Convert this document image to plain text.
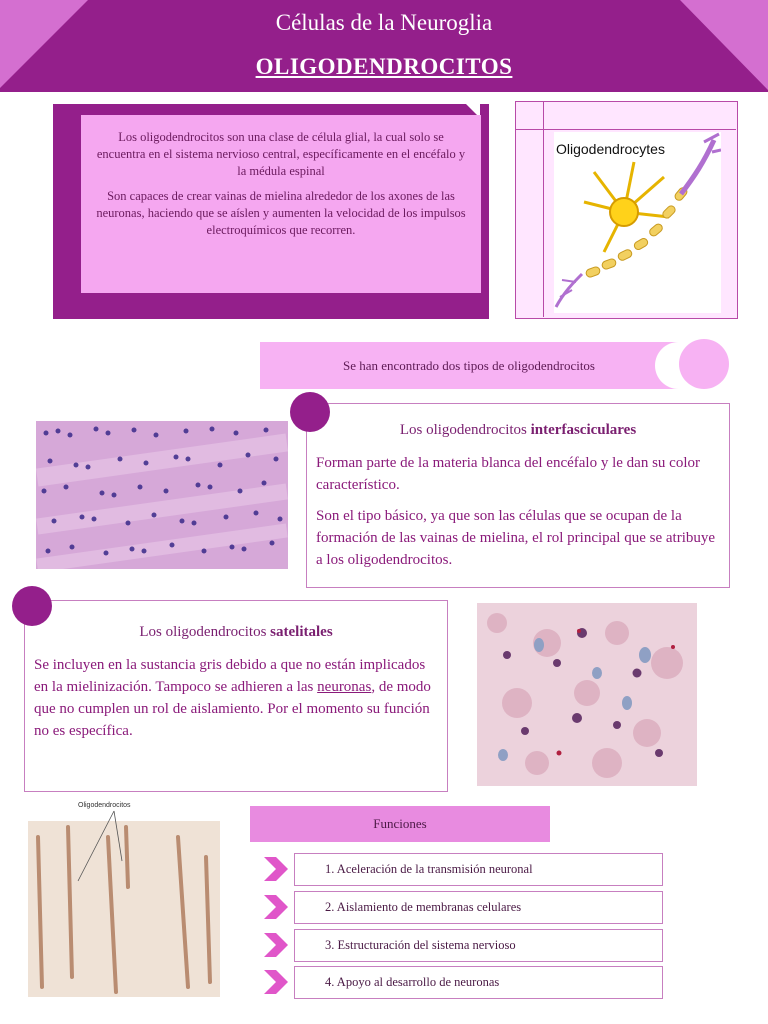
Células de la Neuroglia
OLIGODENDROCITOS

Los oligodendrocitos son una clase de célula glial, la cual solo se encuentra en el sistema nervioso central, específicamente en el encéfalo y la médula espinal

Son capaces de crear vainas de mielina alrededor de los axones de las neuronas, haciendo que se aíslen y aumenten la velocidad de los impulsos electroquímicos que recorren.

Oligodendrocytes
Se han encontrado dos tipos de oligodendrocitos
Los oligodendrocitos interfasciculares

Forman parte de la materia blanca del encéfalo y le dan su color característico.

Son el tipo básico, ya que son las células que se ocupan de la formación de las vainas de mielina, el rol principal que se atribuye a los oligodendrocitos.

Los oligodendrocitos satelitales

Se incluyen en la sustancia gris debido a que no están implicados en la mielinización. Tampoco se adhieren a las neuronas, de modo que no cumplen un rol de aislamiento. Por el momento su función no es específica.

Oligodendrocitos
Funciones
1. Aceleración de la transmisión neuronal
2. Aislamiento de membranas celulares
3. Estructuración del sistema nervioso
4. Apoyo al desarrollo de neuronas
